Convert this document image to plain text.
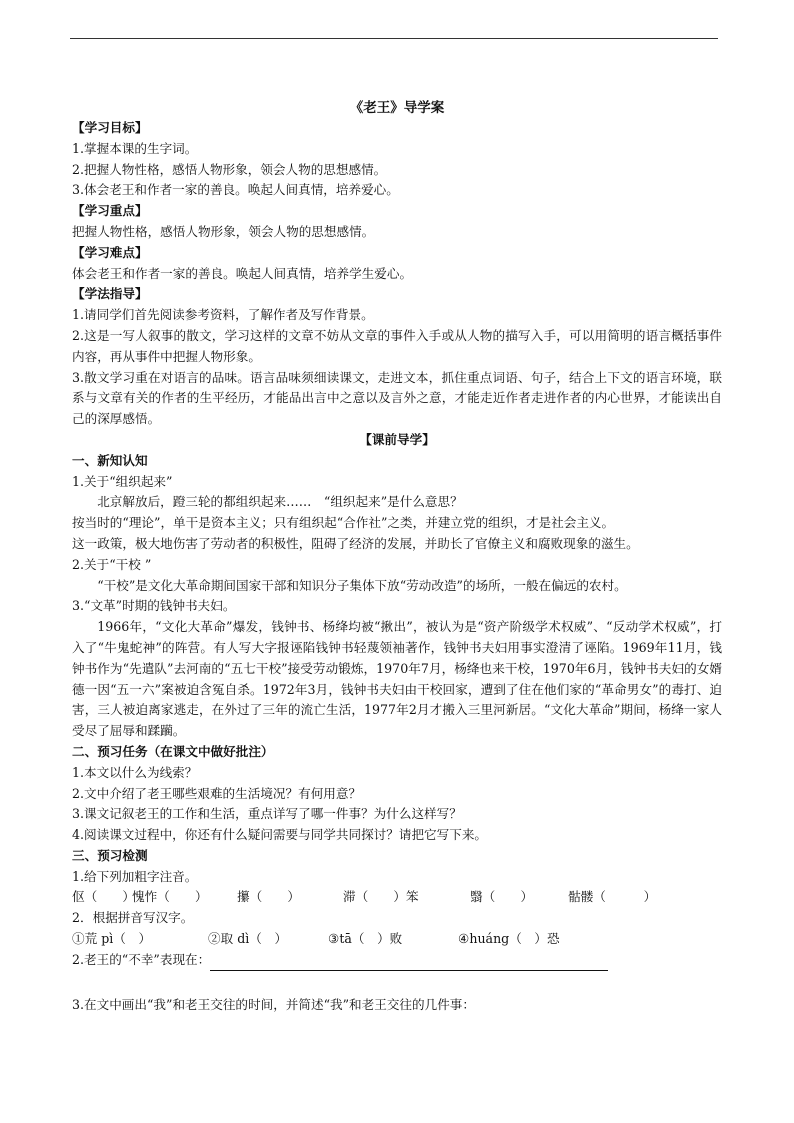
《老王》导学案
【学习目标】
1.掌握本课的生字词。
2.把握人物性格，感悟人物形象，领会人物的思想感情。
3.体会老王和作者一家的善良。唤起人间真情，培养爱心。
【学习重点】
把握人物性格，感悟人物形象，领会人物的思想感情。
【学习难点】
体会老王和作者一家的善良。唤起人间真情，培养学生爱心。
【学法指导】
1.请同学们首先阅读参考资料，了解作者及写作背景。
2.这是一写人叙事的散文，学习这样的文章不妨从文章的事件入手或从人物的描写入手，可以用简明的语言概括事件内容，再从事件中把握人物形象。
3.散文学习重在对语言的品味。语言品味须细读课文，走进文本，抓住重点词语、句子，结合上下文的语言环境，联系与文章有关的作者的生平经历，才能品出言中之意以及言外之意，才能走近作者走进作者的内心世界，才能读出自己的深厚感悟。
【课前导学】
一、新知认知
1.关于“组织起来”
北京解放后，蹬三轮的都组织起来……　“组织起来”是什么意思？
按当时的“理论”，单干是资本主义；只有组织起“合作社”之类，并建立党的组织，才是社会主义。
这一政策，极大地伤害了劳动者的积极性，阻碍了经济的发展，并助长了官僚主义和腐败现象的滋生。
2.关于“干校 ”
“干校”是文化大革命期间国家干部和知识分子集体下放“劳动改造”的场所，一般在偏远的农村。
3.“文革”时期的钱钟书夫妇。
1966年，“文化大革命”爆发，钱钟书、杨绛均被“揪出”，被认为是“资产阶级学术权威”、“反动学术权威”，打入了“牛鬼蛇神”的阵营。有人写大字报诬陷钱钟书轻蔑领袖著作，钱钟书夫妇用事实澄清了诬陷。1969年11月，钱钟书作为“先遣队”去河南的“五七干校”接受劳动锻炼，1970年7月，杨绛也来干校，1970年6月，钱钟书夫妇的女婿德一因“五一六”案被迫含冤自杀。1972年3月，钱钟书夫妇由干校回家，遭到了住在他们家的“革命男女”的毒打、迫害，三人被迫离家逃走，在外过了三年的流亡生活，1977年2月才搬入三里河新居。“文化大革命”期间，杨绛一家人受尽了屈辱和蹂躏。
二、预习任务（在课文中做好批注）
1.本文以什么为线索？
2.文中介绍了老王哪些艰难的生活境况？有何用意？
3.课文记叙老王的工作和生活，重点详写了哪一件事？为什么这样写？
4.阅读课文过程中，你还有什么疑问需要与同学共同探讨？请把它写下来。
三、预习检测
1.给下列加粗字注音。
伛（　　） 愧怍（　　） 攥（　　）	滞（　　）笨	翳（　　）	骷髅（　　　）
2．根据拼音写汉字。
①荒 pì（　）	②取 dì（　）	③tā（　）败	④huáng（　）恐
2.老王的“不幸”表现在：
3.在文中画出“我”和老王交往的时间，并简述“我”和老王交往的几件事：
